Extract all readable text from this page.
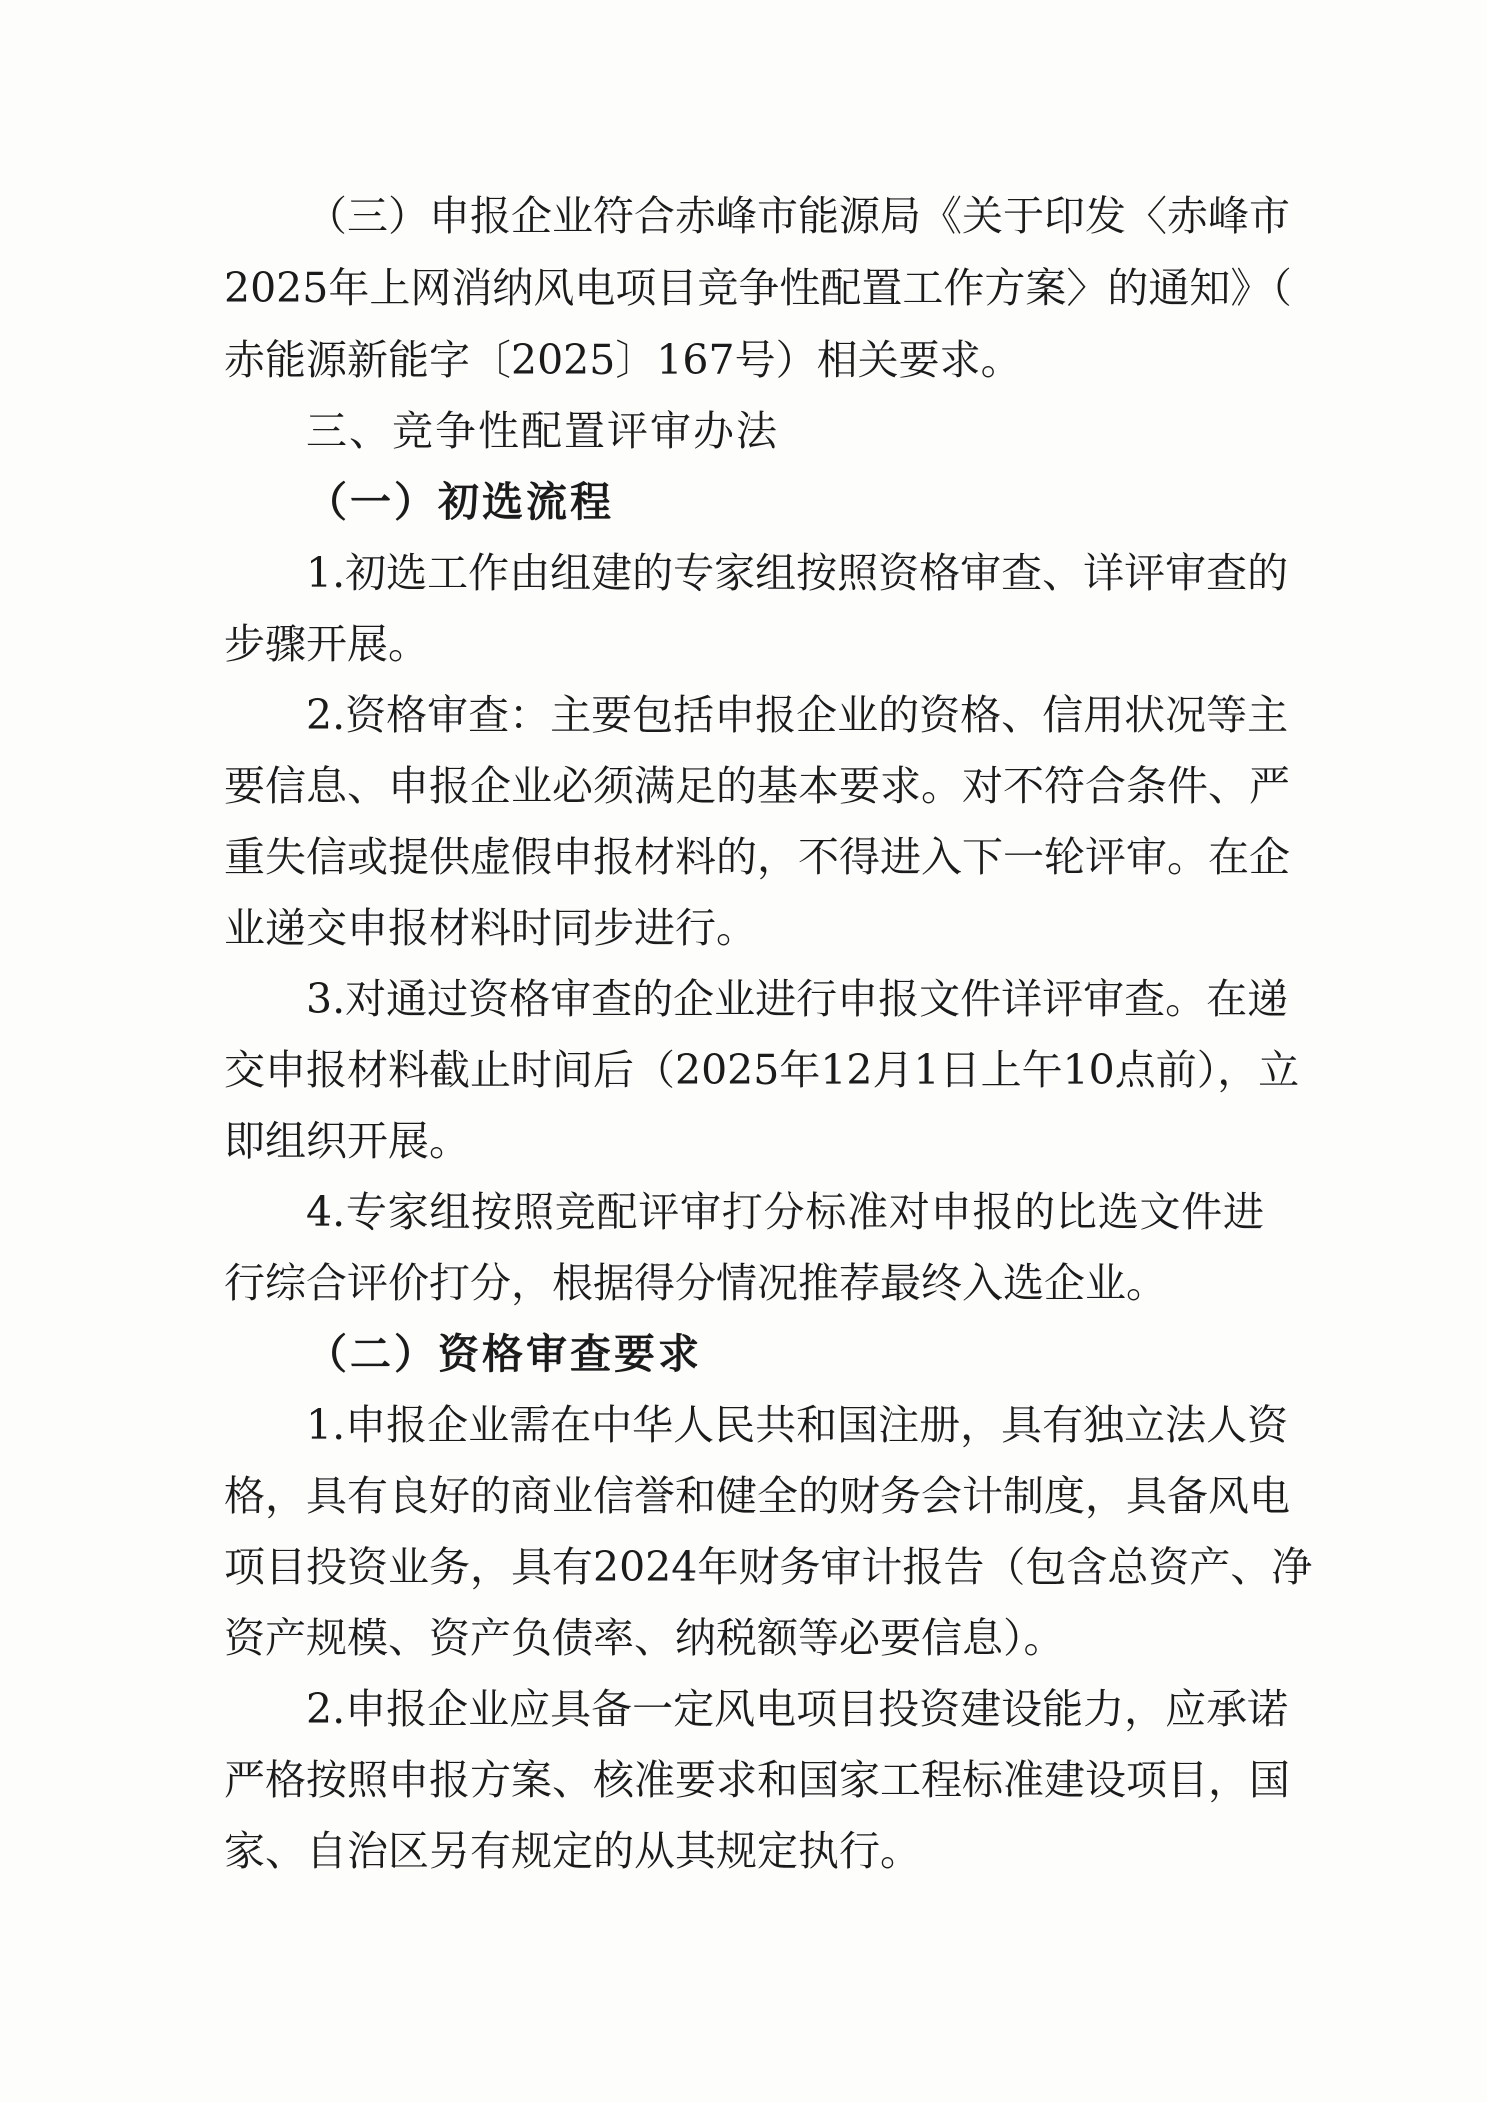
（三）申报企业符合赤峰市能源局《关于印发〈赤峰市
2025年上网消纳风电项目竞争性配置工作方案〉的通知》（
赤能源新能字〔2025〕167号）相关要求。
三、竞争性配置评审办法
（一）初选流程
1.初选工作由组建的专家组按照资格审查、详评审查的
步骤开展。
2.资格审查：主要包括申报企业的资格、信用状况等主
要信息、申报企业必须满足的基本要求。对不符合条件、严
重失信或提供虚假申报材料的，不得进入下一轮评审。在企
业递交申报材料时同步进行。
3.对通过资格审查的企业进行申报文件详评审查。在递
交申报材料截止时间后（2025年12月1日上午10点前），立
即组织开展。
4.专家组按照竞配评审打分标准对申报的比选文件进
行综合评价打分，根据得分情况推荐最终入选企业。
（二）资格审查要求
1.申报企业需在中华人民共和国注册，具有独立法人资
格，具有良好的商业信誉和健全的财务会计制度，具备风电
项目投资业务，具有2024年财务审计报告（包含总资产、净
资产规模、资产负债率、纳税额等必要信息）。
2.申报企业应具备一定风电项目投资建设能力，应承诺
严格按照申报方案、核准要求和国家工程标准建设项目，国
家、自治区另有规定的从其规定执行。
